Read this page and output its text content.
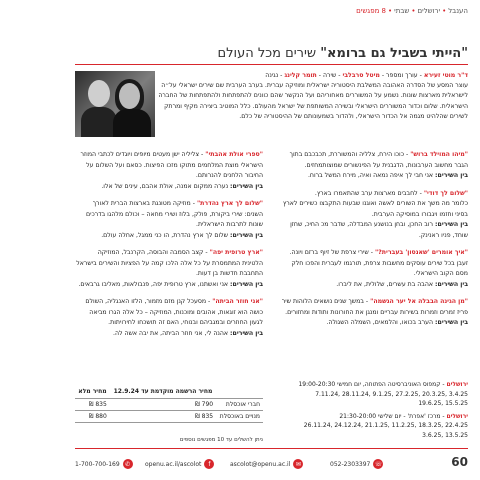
הענבל•ירושלים•שבתי•8 מפגשים
"הייתי בשביל גם ברומא" שירים מכל העולם
ד"ר מוטי זעירא - עורך ומספר - מיטל סרבלבי - שירה - תומר קלינג - נגינה
עוצר המסע של הסדרה האהובה המשלבת היסטוריה ישראלית ומוזיקה עברית. בערב הערבית שם שירים ישראלי על״ה לישראלית מארצות שונות. נשמע על המשוררים מאחוריהם ועל הנקשר שהם כוונים להתפתחות ולהתפתחות של החברה הישראלית. שלום וכדור המשוררים הישראלי ובשירה המשותפת של ישראל מהעולם. כלל המוטיב ביצירה מקיף ומרתק לשירים שהלהיט מגמה אל הכדור הישראלי, ולהדור בשמעונותם של ההיסטוריה של כלם.
"מיהו המוילד ברוש" - כוכו הירח, צלליה והמשוררת, תכבכבם בתוך הגבר מחשוב הערבונות, הדגבנית על הפינשורים שמוצותמחזים.
בין השירים: אני חבי לך איפה נמאה ואיה, מירח המשל ברוח.
"שלום לך דודי" - לחבבים מארצות ערב שהתאמרו בארץ.
כלומר מה משך את השורים לאשה ואוגנו שבעות התקבצו כשירים לארץ בסיני וחזמו ויגבורו במוסיקה הערבית.
בין השירים: רוב החכן, ובחן בנושנע המבדלה, שדבר מכ החיכ, שחזן שוחד, פניו ראנינק.
"איך אומרים 'שאנסון' בעברית?" - שירי צרפת של זיוף ברזם ויונה.
זעבן בכל שירים עוסקים מחשבות צרפת, תורגמו לעברית והפכו חלק מסם הקוב הישראלי.
בין השירים: אהבה בת עשרים, שלולית, את ליברו.
"מן הגינה הבבלה אל יער הגשמה" - במשך שנים נושאים הלוהות שיר פריז זמרים וזמרות בשירות עבריים ומנגן את החורונות ותודות ומחזורים.
בין השירים: הערב בכואו, והלמאים, השמלה השגולה.
"ספרי אולת אהבתי" - צליליה ישן מעטים מיופים ויוגדים לכתבי המוזר הישראלי מוצת המלחמים מתוקו מזכו הפיצות. כסאם ועל השלום על החיבור הלחנים להנרותם.
בין השירים: נערה ממקום אמנה, אולת אהבם, עינים של אלו.
"שלום לך ארץ נהדרת" - מוזיקה מטונגת בארצות הברית לאורך השנים: שירי ביקורת, פולק, בלוז ושירי מחאה – וכולם מלהגו בדרכים שונות לתרבות הישראלית.
בין השירים: שלום לך ארץ נהדרת, הו כני ממגל, אחלה עולם.
"ארץ טרופית יפה" - קצב הסמבה והבוסה, הקרנבל, המוזיקה הלטינית המתמסרת על כל אלה הלכו קמה על הפציות והשירים בישראל התחבבת חדשות בן דעות.
בין השירים: אני ואשתנו, ארץ טרופית יפה, פנבולאות, מאליבו גרבאים.
"אני חוזר הביתה" - מסעכל קנן מזם מזמור, הלזו האנגליה, השולם כושה הוא זוגאות, אהובים ומוכנות, המוזיקה – כל אלה הגרו מביאה לגעון החוזרים ובמגביהם ובנוחי, האם זה תושכחו לחירויתות.
בין השירים: אהנה לי, אני חוזר הביתה, את יבה אשה לה.
ירושלים - קמפוס האוניברסיטה הפתוחה, יום חמישי 19:00-20:30
3.4.25 ,20.3.25 ,27.2.25 ,9.1.25 ,28.11.24 ,7.11.24
15.5.25 ,19.6.25
ירושלים - מרכז 'אפרת' - יום שלישי 21:30-20:00
22.4.25 ,18.3.25 ,11.2.25 ,21.1.25 ,24.12.24 ,26.11.24
13.5.25 ,3.6.25
	מחיר הרשמה מוקדמת עד 12.9.24	מחיר מלא
חברי אוכסלת	790 ₪	835 ₪
מנויים באוכסלת	835 ₪	880 ₪
ניתן להשלים עד 10 מפגשים נוספים
60
052-2303397 ☏
ascolot@openu.ac.il ✉
openu.ac.il/ascolot	f
1-700-700-169 ✆
